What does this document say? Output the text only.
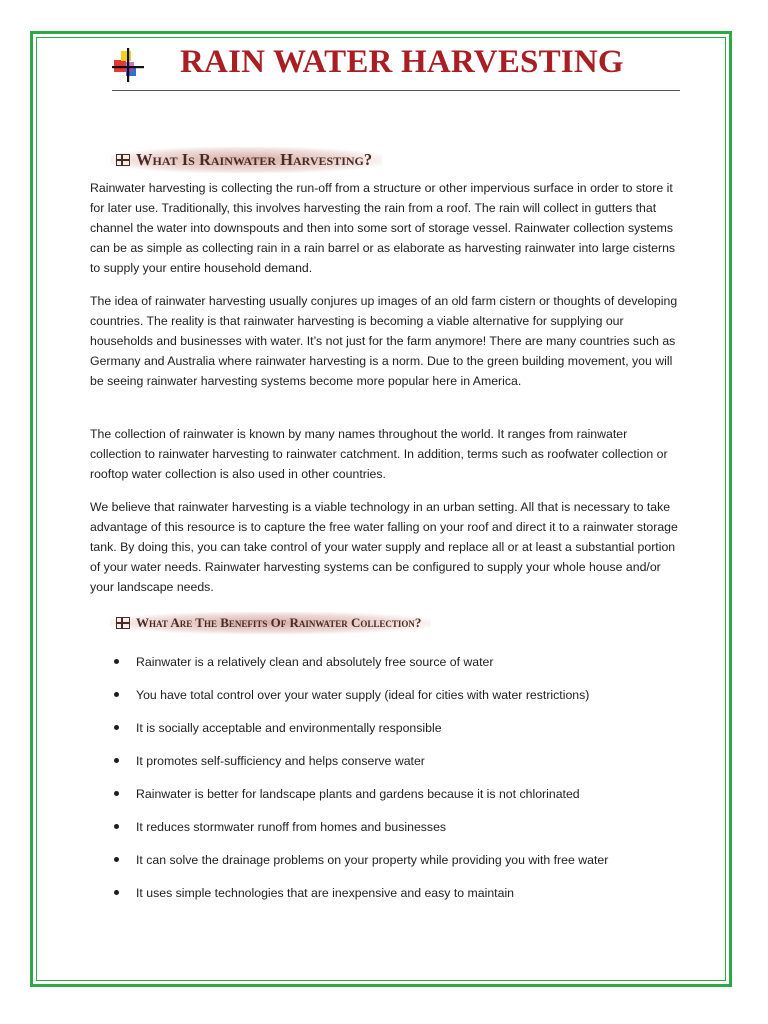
RAIN WATER HARVESTING
What Is Rainwater Harvesting?

Rainwater harvesting is collecting the run-off from a structure or other impervious surface in order to store it for later use. Traditionally, this involves harvesting the rain from a roof. The rain will collect in gutters that channel the water into downspouts and then into some sort of storage vessel. Rainwater collection systems can be as simple as collecting rain in a rain barrel or as elaborate as harvesting rainwater into large cisterns to supply your entire household demand.

The idea of rainwater harvesting usually conjures up images of an old farm cistern or thoughts of developing countries. The reality is that rainwater harvesting is becoming a viable alternative for supplying our households and businesses with water. It’s not just for the farm anymore! There are many countries such as Germany and Australia where rainwater harvesting is a norm. Due to the green building movement, you will be seeing rainwater harvesting systems become more popular here in America.

The collection of rainwater is known by many names throughout the world. It ranges from rainwater collection to rainwater harvesting to rainwater catchment. In addition, terms such as roofwater collection or rooftop water collection is also used in other countries.

We believe that rainwater harvesting is a viable technology in an urban setting. All that is necessary to take advantage of this resource is to capture the free water falling on your roof and direct it to a rainwater storage tank. By doing this, you can take control of your water supply and replace all or at least a substantial portion of your water needs. Rainwater harvesting systems can be configured to supply your whole house and/or your landscape needs.

What Are The Benefits Of Rainwater Collection?
Rainwater is a relatively clean and absolutely free source of water
You have total control over your water supply (ideal for cities with water restrictions)
It is socially acceptable and environmentally responsible
It promotes self-sufficiency and helps conserve water
Rainwater is better for landscape plants and gardens because it is not chlorinated
It reduces stormwater runoff from homes and businesses
It can solve the drainage problems on your property while providing you with free water
It uses simple technologies that are inexpensive and easy to maintain
